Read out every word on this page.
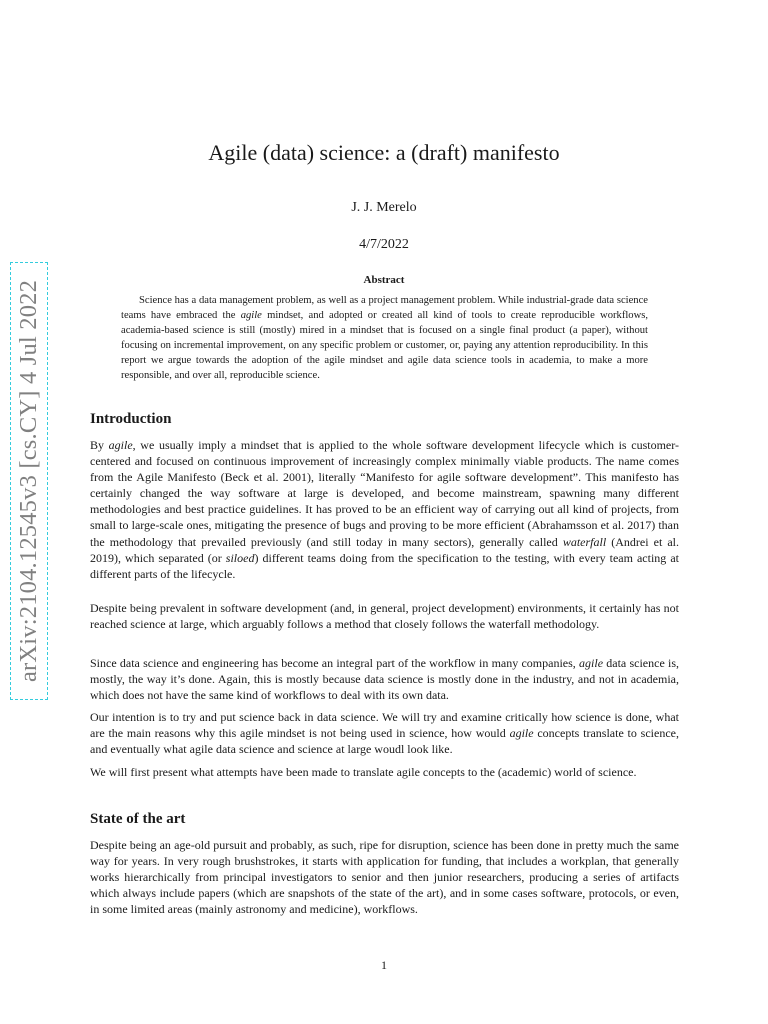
arXiv:2104.12545v3 [cs.CY] 4 Jul 2022
Agile (data) science: a (draft) manifesto
J. J. Merelo
4/7/2022
Abstract

Science has a data management problem, as well as a project management problem. While industrial-grade data science teams have embraced the agile mindset, and adopted or created all kind of tools to create reproducible workflows, academia-based science is still (mostly) mired in a mindset that is focused on a single final product (a paper), without focusing on incremental improvement, on any specific problem or customer, or, paying any attention reproducibility. In this report we argue towards the adoption of the agile mindset and agile data science tools in academia, to make a more responsible, and over all, reproducible science.

Introduction

By agile, we usually imply a mindset that is applied to the whole software development lifecycle which is customer-centered and focused on continuous improvement of increasingly complex minimally viable products. The name comes from the Agile Manifesto (Beck et al. 2001), literally “Manifesto for agile software development”. This manifesto has certainly changed the way software at large is developed, and become mainstream, spawning many different methodologies and best practice guidelines. It has proved to be an efficient way of carrying out all kind of projects, from small to large-scale ones, mitigating the presence of bugs and proving to be more efficient (Abrahamsson et al. 2017) than the methodology that prevailed previously (and still today in many sectors), generally called waterfall (Andrei et al. 2019), which separated (or siloed) different teams doing from the specification to the testing, with every team acting at different parts of the lifecycle.

Despite being prevalent in software development (and, in general, project development) environments, it certainly has not reached science at large, which arguably follows a method that closely follows the waterfall methodology.

Since data science and engineering has become an integral part of the workflow in many companies, agile data science is, mostly, the way it’s done. Again, this is mostly because data science is mostly done in the industry, and not in academia, which does not have the same kind of workflows to deal with its own data.

Our intention is to try and put science back in data science. We will try and examine critically how science is done, what are the main reasons why this agile mindset is not being used in science, how would agile concepts translate to science, and eventually what agile data science and science at large woudl look like.

We will first present what attempts have been made to translate agile concepts to the (academic) world of science.

State of the art

Despite being an age-old pursuit and probably, as such, ripe for disruption, science has been done in pretty much the same way for years. In very rough brushstrokes, it starts with application for funding, that includes a workplan, that generally works hierarchically from principal investigators to senior and then junior researchers, producing a series of artifacts which always include papers (which are snapshots of the state of the art), and in some cases software, protocols, or even, in some limited areas (mainly astronomy and medicine), workflows.

1
